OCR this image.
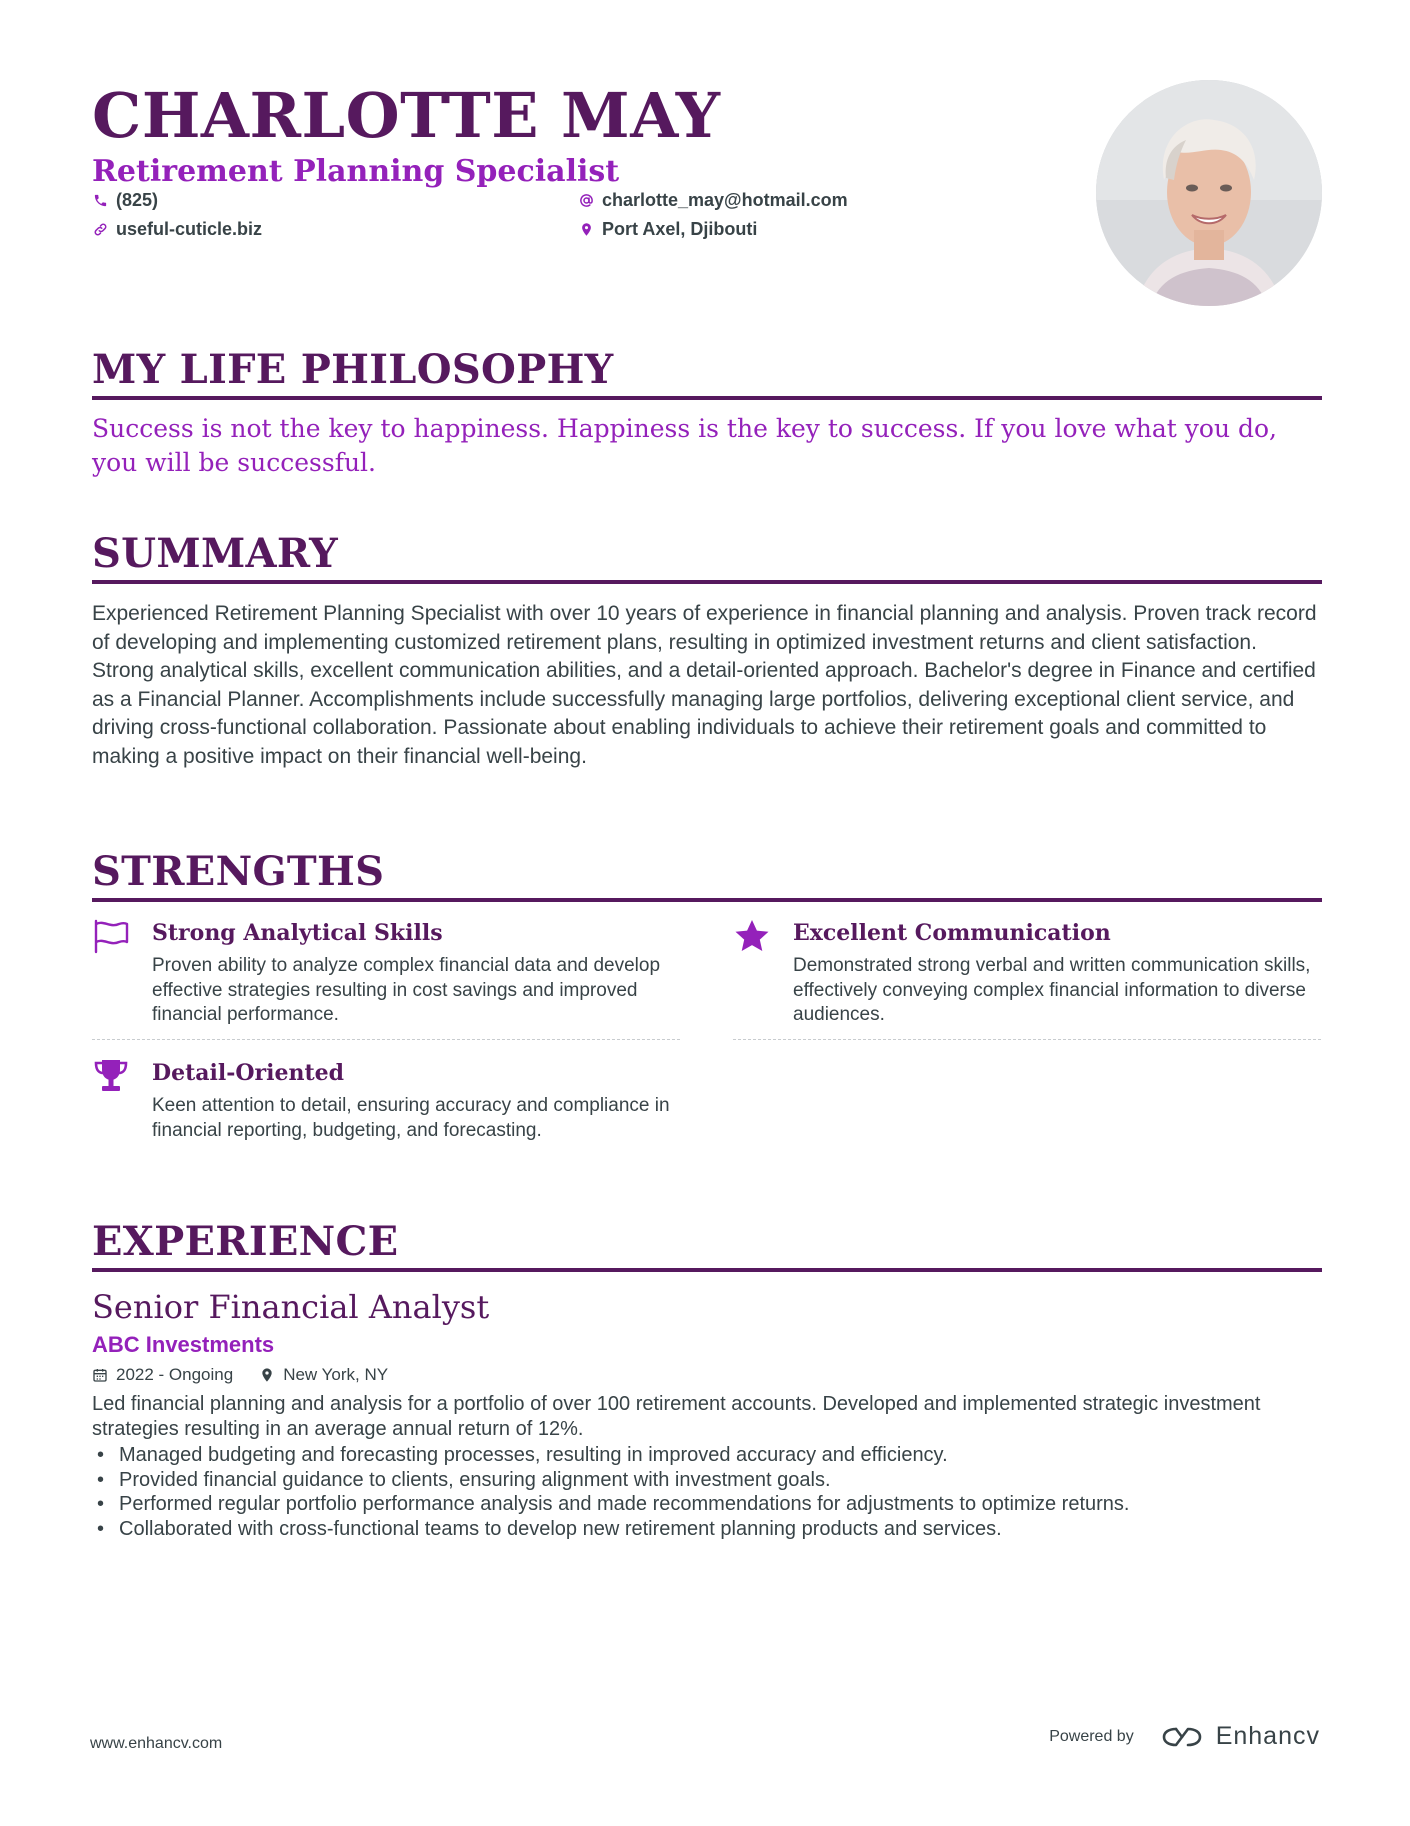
CHARLOTTE MAY
Retirement Planning Specialist
(825)	charlotte_may@hotmail.com
useful-cuticle.biz	Port Axel, Djibouti
MY LIFE PHILOSOPHY
Success is not the key to happiness. Happiness is the key to success. If you love what you do, you will be successful.
SUMMARY
Experienced Retirement Planning Specialist with over 10 years of experience in financial planning and analysis. Proven track record of developing and implementing customized retirement plans, resulting in optimized investment returns and client satisfaction. Strong analytical skills, excellent communication abilities, and a detail-oriented approach. Bachelor's degree in Finance and certified as a Financial Planner. Accomplishments include successfully managing large portfolios, delivering exceptional client service, and driving cross-functional collaboration. Passionate about enabling individuals to achieve their retirement goals and committed to making a positive impact on their financial well-being.
STRENGTHS
Strong Analytical Skills
Proven ability to analyze complex financial data and develop effective strategies resulting in cost savings and improved financial performance.
Excellent Communication
Demonstrated strong verbal and written communication skills, effectively conveying complex financial information to diverse audiences.
Detail-Oriented
Keen attention to detail, ensuring accuracy and compliance in financial reporting, budgeting, and forecasting.
EXPERIENCE
Senior Financial Analyst
ABC Investments
2022 - Ongoing	New York, NY
Led financial planning and analysis for a portfolio of over 100 retirement accounts. Developed and implemented strategic investment strategies resulting in an average annual return of 12%.
• Managed budgeting and forecasting processes, resulting in improved accuracy and efficiency.
• Provided financial guidance to clients, ensuring alignment with investment goals.
• Performed regular portfolio performance analysis and made recommendations for adjustments to optimize returns.
• Collaborated with cross-functional teams to develop new retirement planning products and services.
www.enhancv.com	Powered by	Enhancv
